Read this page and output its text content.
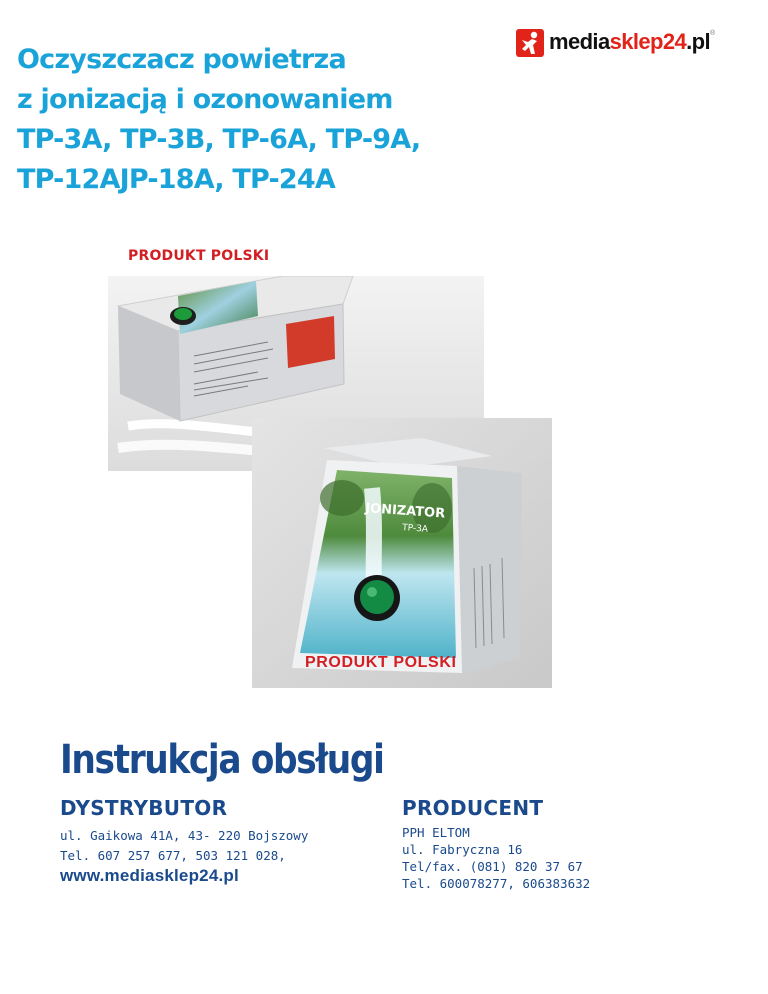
Oczyszczacz powietrza
z jonizacją i ozonowaniem
TP-3A, TP-3B, TP-6A, TP-9A,
TP-12AJP-18A, TP-24A
mediasklep24.pl ®
PRODUKT POLSKI
JONIZATOR
TP-3A
PRODUKT POLSKI
Instrukcja obsługi
DYSTRYBUTOR
ul. Gaikowa 41A, 43- 220 Bojszowy
Tel. 607 257 677, 503 121 028,
www.mediasklep24.pl
PRODUCENT
PPH ELTOM
ul. Fabryczna 16
Tel/fax. (081) 820 37 67
Tel. 600078277, 606383632
